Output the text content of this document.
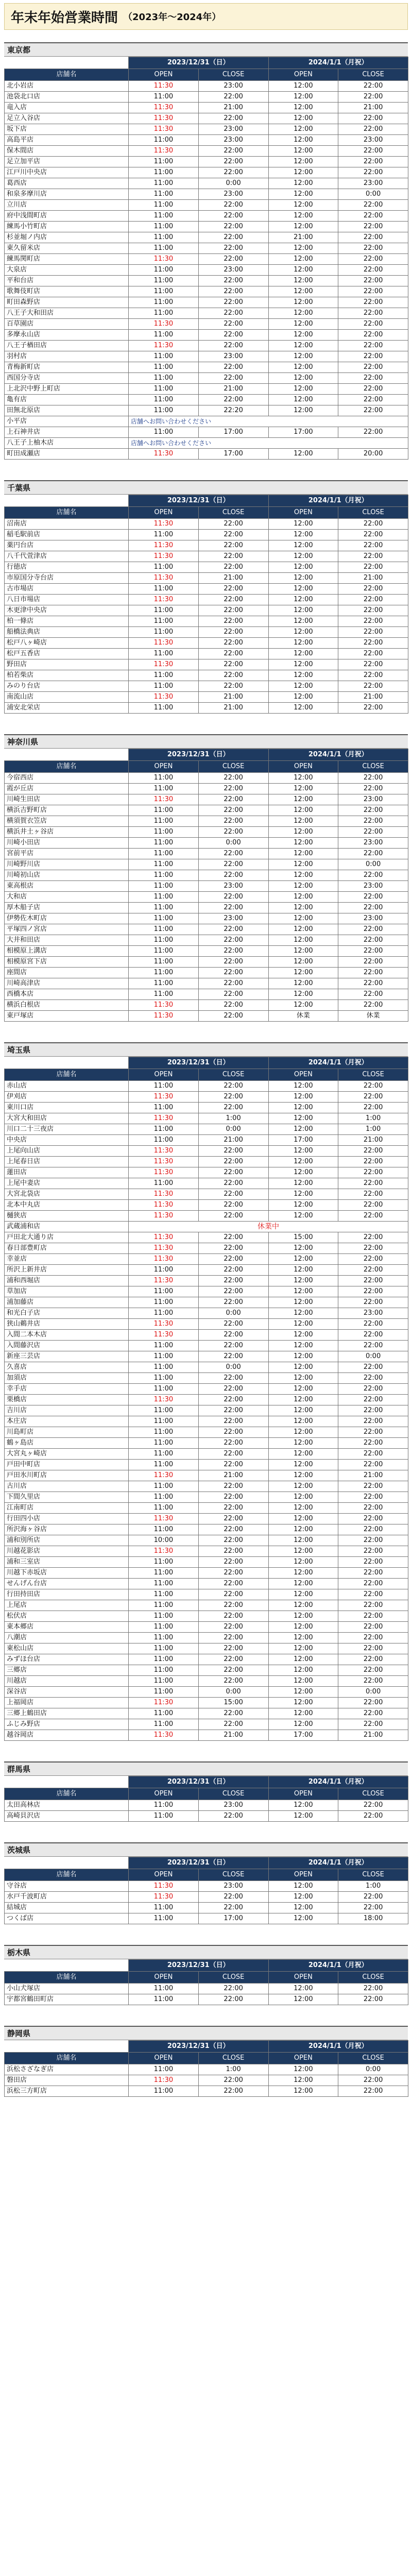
年末年始営業時間 （2023年～2024年）
東京都
	2023/12/31（日）		2024/1/1（月祝）	
店舗名	OPEN	CLOSE	OPEN	CLOSE
北小岩店	11:30	23:00	12:00	22:00
池袋北口店	11:00	22:00	12:00	22:00
竜入店	11:30	21:00	12:00	21:00
足立入谷店	11:30	22:00	12:00	22:00
坂下店	11:30	23:00	12:00	22:00
高島平店	11:00	23:00	12:00	23:00
保木間店	11:30	22:00	12:00	22:00
足立加平店	11:00	22:00	12:00	22:00
江戸川中央店	11:00	22:00	12:00	22:00
葛西店	11:00	0:00	12:00	23:00
和泉多摩川店	11:00	23:00	12:00	0:00
立川店	11:00	22:00	12:00	22:00
府中浅間町店	11:00	22:00	12:00	22:00
練馬小竹町店	11:00	22:00	12:00	22:00
杉並堀ノ内店	11:00	22:00	21:00	22:00
東久留米店	11:00	22:00	12:00	22:00
練馬関町店	11:30	22:00	12:00	22:00
大泉店	11:00	23:00	12:00	22:00
平和台店	11:00	22:00	12:00	22:00
歌舞伎町店	11:00	22:00	12:00	22:00
町田森野店	11:00	22:00	12:00	22:00
八王子大和田店	11:00	22:00	12:00	22:00
百草園店	11:30	22:00	12:00	22:00
多摩永山店	11:00	22:00	12:00	22:00
八王子楢田店	11:30	22:00	12:00	22:00
羽村店	11:00	23:00	12:00	22:00
青梅新町店	11:00	22:00	12:00	22:00
西国分寺店	11:00	22:00	12:00	22:00
上北沢中野上町店	11:00	21:00	12:00	22:00
亀有店	11:00	22:00	12:00	22:00
田無北原店	11:00	22:20	12:00	22:00
小平店	店舗へお問い合わせください			
上石神井店	11:00	17:00	17:00	22:00
八王子上柚木店	店舗へお問い合わせください			
町田成瀬店	11:30	17:00	12:00	20:00
千葉県
	2023/12/31（日）		2024/1/1（月祝）	
店舗名	OPEN	CLOSE	OPEN	CLOSE
沼南店	11:30	22:00	12:00	22:00
稲毛駅前店	11:00	22:00	12:00	22:00
薬円台店	11:30	22:00	12:00	22:00
八千代萱津店	11:30	22:00	12:00	22:00
行徳店	11:00	22:00	12:00	22:00
市原国分寺台店	11:30	21:00	12:00	21:00
古市場店	11:00	22:00	12:00	22:00
八日市場店	11:30	22:00	12:00	22:00
木更津中央店	11:00	22:00	12:00	22:00
柏一條店	11:00	22:00	12:00	22:00
船橋法典店	11:00	22:00	12:00	22:00
松戸八ヶ崎店	11:30	22:00	12:00	22:00
松戸五香店	11:00	22:00	12:00	22:00
野田店	11:30	22:00	12:00	22:00
柏若柴店	11:00	22:00	12:00	22:00
みのり台店	11:00	22:00	12:00	22:00
南流山店	11:30	21:00	12:00	21:00
浦安北栄店	11:00	21:00	12:00	22:00
神奈川県
	2023/12/31（日）		2024/1/1（月祝）	
店舗名	OPEN	CLOSE	OPEN	CLOSE
今宿西店	11:00	22:00	12:00	22:00
霞が丘店	11:00	22:00	12:00	22:00
川崎生田店	11:30	22:00	12:00	23:00
横浜吉野町店	11:00	22:00	12:00	22:00
横須賀衣笠店	11:00	22:00	12:00	22:00
横浜井土ヶ谷店	11:00	22:00	12:00	22:00
川崎小田店	11:00	0:00	12:00	23:00
宮前平店	11:00	22:00	12:00	22:00
川崎野川店	11:00	22:00	12:00	0:00
川崎初山店	11:00	22:00	12:00	22:00
東高根店	11:00	23:00	12:00	23:00
大和店	11:00	22:00	12:00	22:00
厚木船子店	11:00	22:00	12:00	22:00
伊勢佐木町店	11:00	23:00	12:00	23:00
平塚四ノ宮店	11:00	22:00	12:00	22:00
大井和田店	11:00	22:00	12:00	22:00
相模原上溝店	11:00	22:00	12:00	22:00
相模原宮下店	11:00	22:00	12:00	22:00
座間店	11:00	22:00	12:00	22:00
川崎高津店	11:00	22:00	12:00	22:00
西橋本店	11:00	22:00	12:00	22:00
横浜白根店	11:30	22:00	12:00	22:00
東戸塚店	11:30	22:00	休業	休業
埼玉県
	2023/12/31（日）		2024/1/1（月祝）	
店舗名	OPEN	CLOSE	OPEN	CLOSE
赤山店	11:00	22:00	12:00	22:00
伊刈店	11:30	22:00	12:00	22:00
東川口店	11:00	22:00	12:00	22:00
大宮大和田店	11:30	1:00	12:00	1:00
川口二十三夜店	11:00	0:00	12:00	1:00
中央店	11:00	21:00	17:00	21:00
上尾向山店	11:30	22:00	12:00	22:00
上尾春日店	11:30	22:00	12:00	22:00
蓮田店	11:30	22:00	12:00	22:00
上尾中妻店	11:00	22:00	12:00	22:00
大宮北袋店	11:30	22:00	12:00	22:00
北本中丸店	11:30	22:00	12:00	22:00
樋狭店	11:30	22:00	12:00	22:00
武蔵浦和店	休業中			
戸田北大通り店	11:30	22:00	15:00	22:00
春日部豊町店	11:30	22:00	12:00	22:00
幸並店	11:30	22:00	12:00	22:00
所沢上新井店	11:00	22:00	12:00	22:00
浦和西堀店	11:30	22:00	12:00	22:00
草加店	11:00	22:00	12:00	22:00
浦加藤店	11:00	22:00	12:00	22:00
和光白子店	11:00	0:00	12:00	23:00
狭山鵜井店	11:30	22:00	12:00	22:00
入間二本木店	11:30	22:00	12:00	22:00
入間藤沢店	11:00	22:00	12:00	22:00
新座三芸店	11:00	22:00	12:00	0:00
久喜店	11:00	0:00	12:00	22:00
加須店	11:00	22:00	12:00	22:00
幸手店	11:00	22:00	12:00	22:00
栗橋店	11:30	22:00	12:00	22:00
吉川店	11:00	22:00	12:00	22:00
本庄店	11:00	22:00	12:00	22:00
川島町店	11:00	22:00	12:00	22:00
鶴ヶ島店	11:00	22:00	12:00	22:00
大宮丸ヶ崎店	11:00	22:00	12:00	22:00
戸田中町店	11:00	22:00	12:00	22:00
戸田氷川町店	11:30	21:00	12:00	21:00
古川店	11:00	22:00	12:00	22:00
下間久里店	11:00	22:00	12:00	22:00
江南町店	11:00	22:00	12:00	22:00
行田四小店	11:30	22:00	12:00	22:00
所沢海ヶ谷店	11:00	22:00	12:00	22:00
浦和別所店	10:00	22:00	12:00	22:00
川越花影店	11:30	22:00	12:00	22:00
浦和三室店	11:00	22:00	12:00	22:00
川越下赤坂店	11:00	22:00	12:00	22:00
せんげん台店	11:00	22:00	12:00	22:00
行田持田店	11:00	22:00	12:00	22:00
上尾店	11:00	22:00	12:00	22:00
松伏店	11:00	22:00	12:00	22:00
東本郷店	11:00	22:00	12:00	22:00
八潮店	11:00	22:00	12:00	22:00
東松山店	11:00	22:00	12:00	22:00
みずほ台店	11:00	22:00	12:00	22:00
三郷店	11:00	22:00	12:00	22:00
川越店	11:00	22:00	12:00	22:00
深谷店	11:00	0:00	12:00	0:00
上福岡店	11:30	15:00	12:00	22:00
三郷上鶴田店	11:00	22:00	12:00	22:00
ふじみ野店	11:00	22:00	12:00	22:00
越谷岡店	11:30	21:00	17:00	21:00
群馬県
	2023/12/31（日）		2024/1/1（月祝）	
店舗名	OPEN	CLOSE	OPEN	CLOSE
太田高林店	11:00	23:00	12:00	22:00
高崎貝沢店	11:00	22:00	12:00	22:00
茨城県
	2023/12/31（日）		2024/1/1（月祝）	
店舗名	OPEN	CLOSE	OPEN	CLOSE
守谷店	11:30	23:00	12:00	1:00
水戸千波町店	11:30	22:00	12:00	22:00
結城店	11:00	22:00	12:00	22:00
つくば店	11:00	17:00	12:00	18:00
栃木県
	2023/12/31（日）		2024/1/1（月祝）	
店舗名	OPEN	CLOSE	OPEN	CLOSE
小山犬塚店	11:00	22:00	12:00	22:00
宇都宮鶴田町店	11:00	22:00	12:00	22:00
静岡県
	2023/12/31（日）		2024/1/1（月祝）	
店舗名	OPEN	CLOSE	OPEN	CLOSE
浜松さざなぎ店	11:00	1:00	12:00	0:00
磐田店	11:30	22:00	12:00	22:00
浜松三方町店	11:00	22:00	12:00	22:00
